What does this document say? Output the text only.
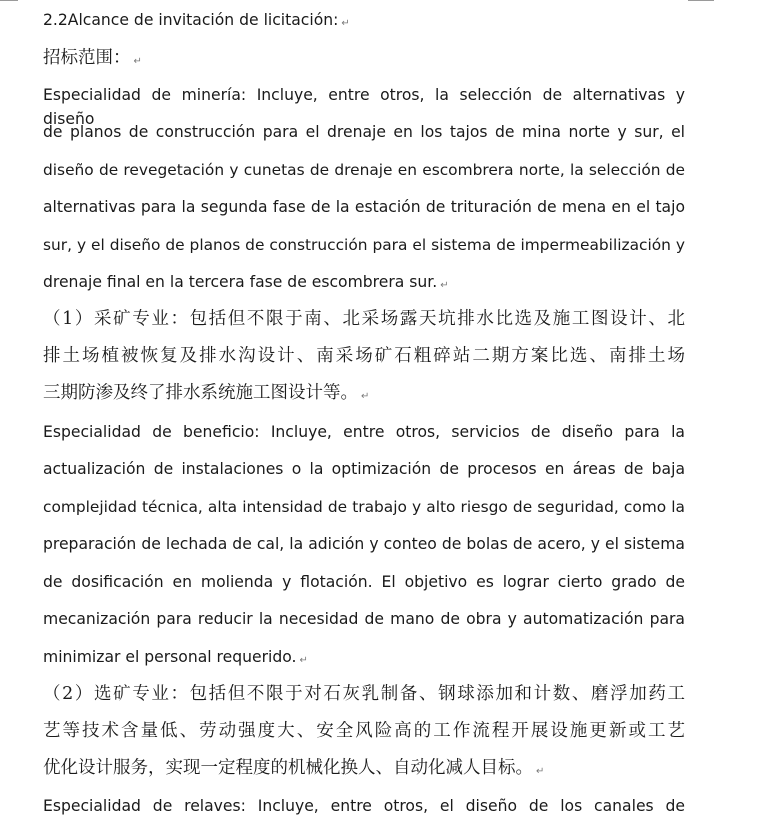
2.2Alcance de invitación de licitación: ↵
招标范围： ↵
Especialidad de minería: Incluye, entre otros, la selección de alternativas y diseño
de planos de construcción para el drenaje en los tajos de mina norte y sur, el
diseño de revegetación y cunetas de drenaje en escombrera norte, la selección de
alternativas para la segunda fase de la estación de trituración de mena en el tajo
sur, y el diseño de planos de construcción para el sistema de impermeabilización y
drenaje final en la tercera fase de escombrera sur. ↵
（1）采矿专业：包括但不限于南、北采场露天坑排水比选及施工图设计、北
排土场植被恢复及排水沟设计、南采场矿石粗碎站二期方案比选、南排土场
三期防渗及终了排水系统施工图设计等。 ↵
Especialidad de beneficio: Incluye, entre otros, servicios de diseño para la
actualización de instalaciones o la optimización de procesos en áreas de baja
complejidad técnica, alta intensidad de trabajo y alto riesgo de seguridad, como la
preparación de lechada de cal, la adición y conteo de bolas de acero, y el sistema
de dosificación en molienda y flotación. El objetivo es lograr cierto grado de
mecanización para reducir la necesidad de mano de obra y automatización para
minimizar el personal requerido. ↵
（2）选矿专业：包括但不限于对石灰乳制备、钢球添加和计数、磨浮加药工
艺等技术含量低、劳动强度大、安全风险高的工作流程开展设施更新或工艺
优化设计服务，实现一定程度的机械化换人、自动化减人目标。 ↵
Especialidad de relaves: Incluye, entre otros, el diseño de los canales de
